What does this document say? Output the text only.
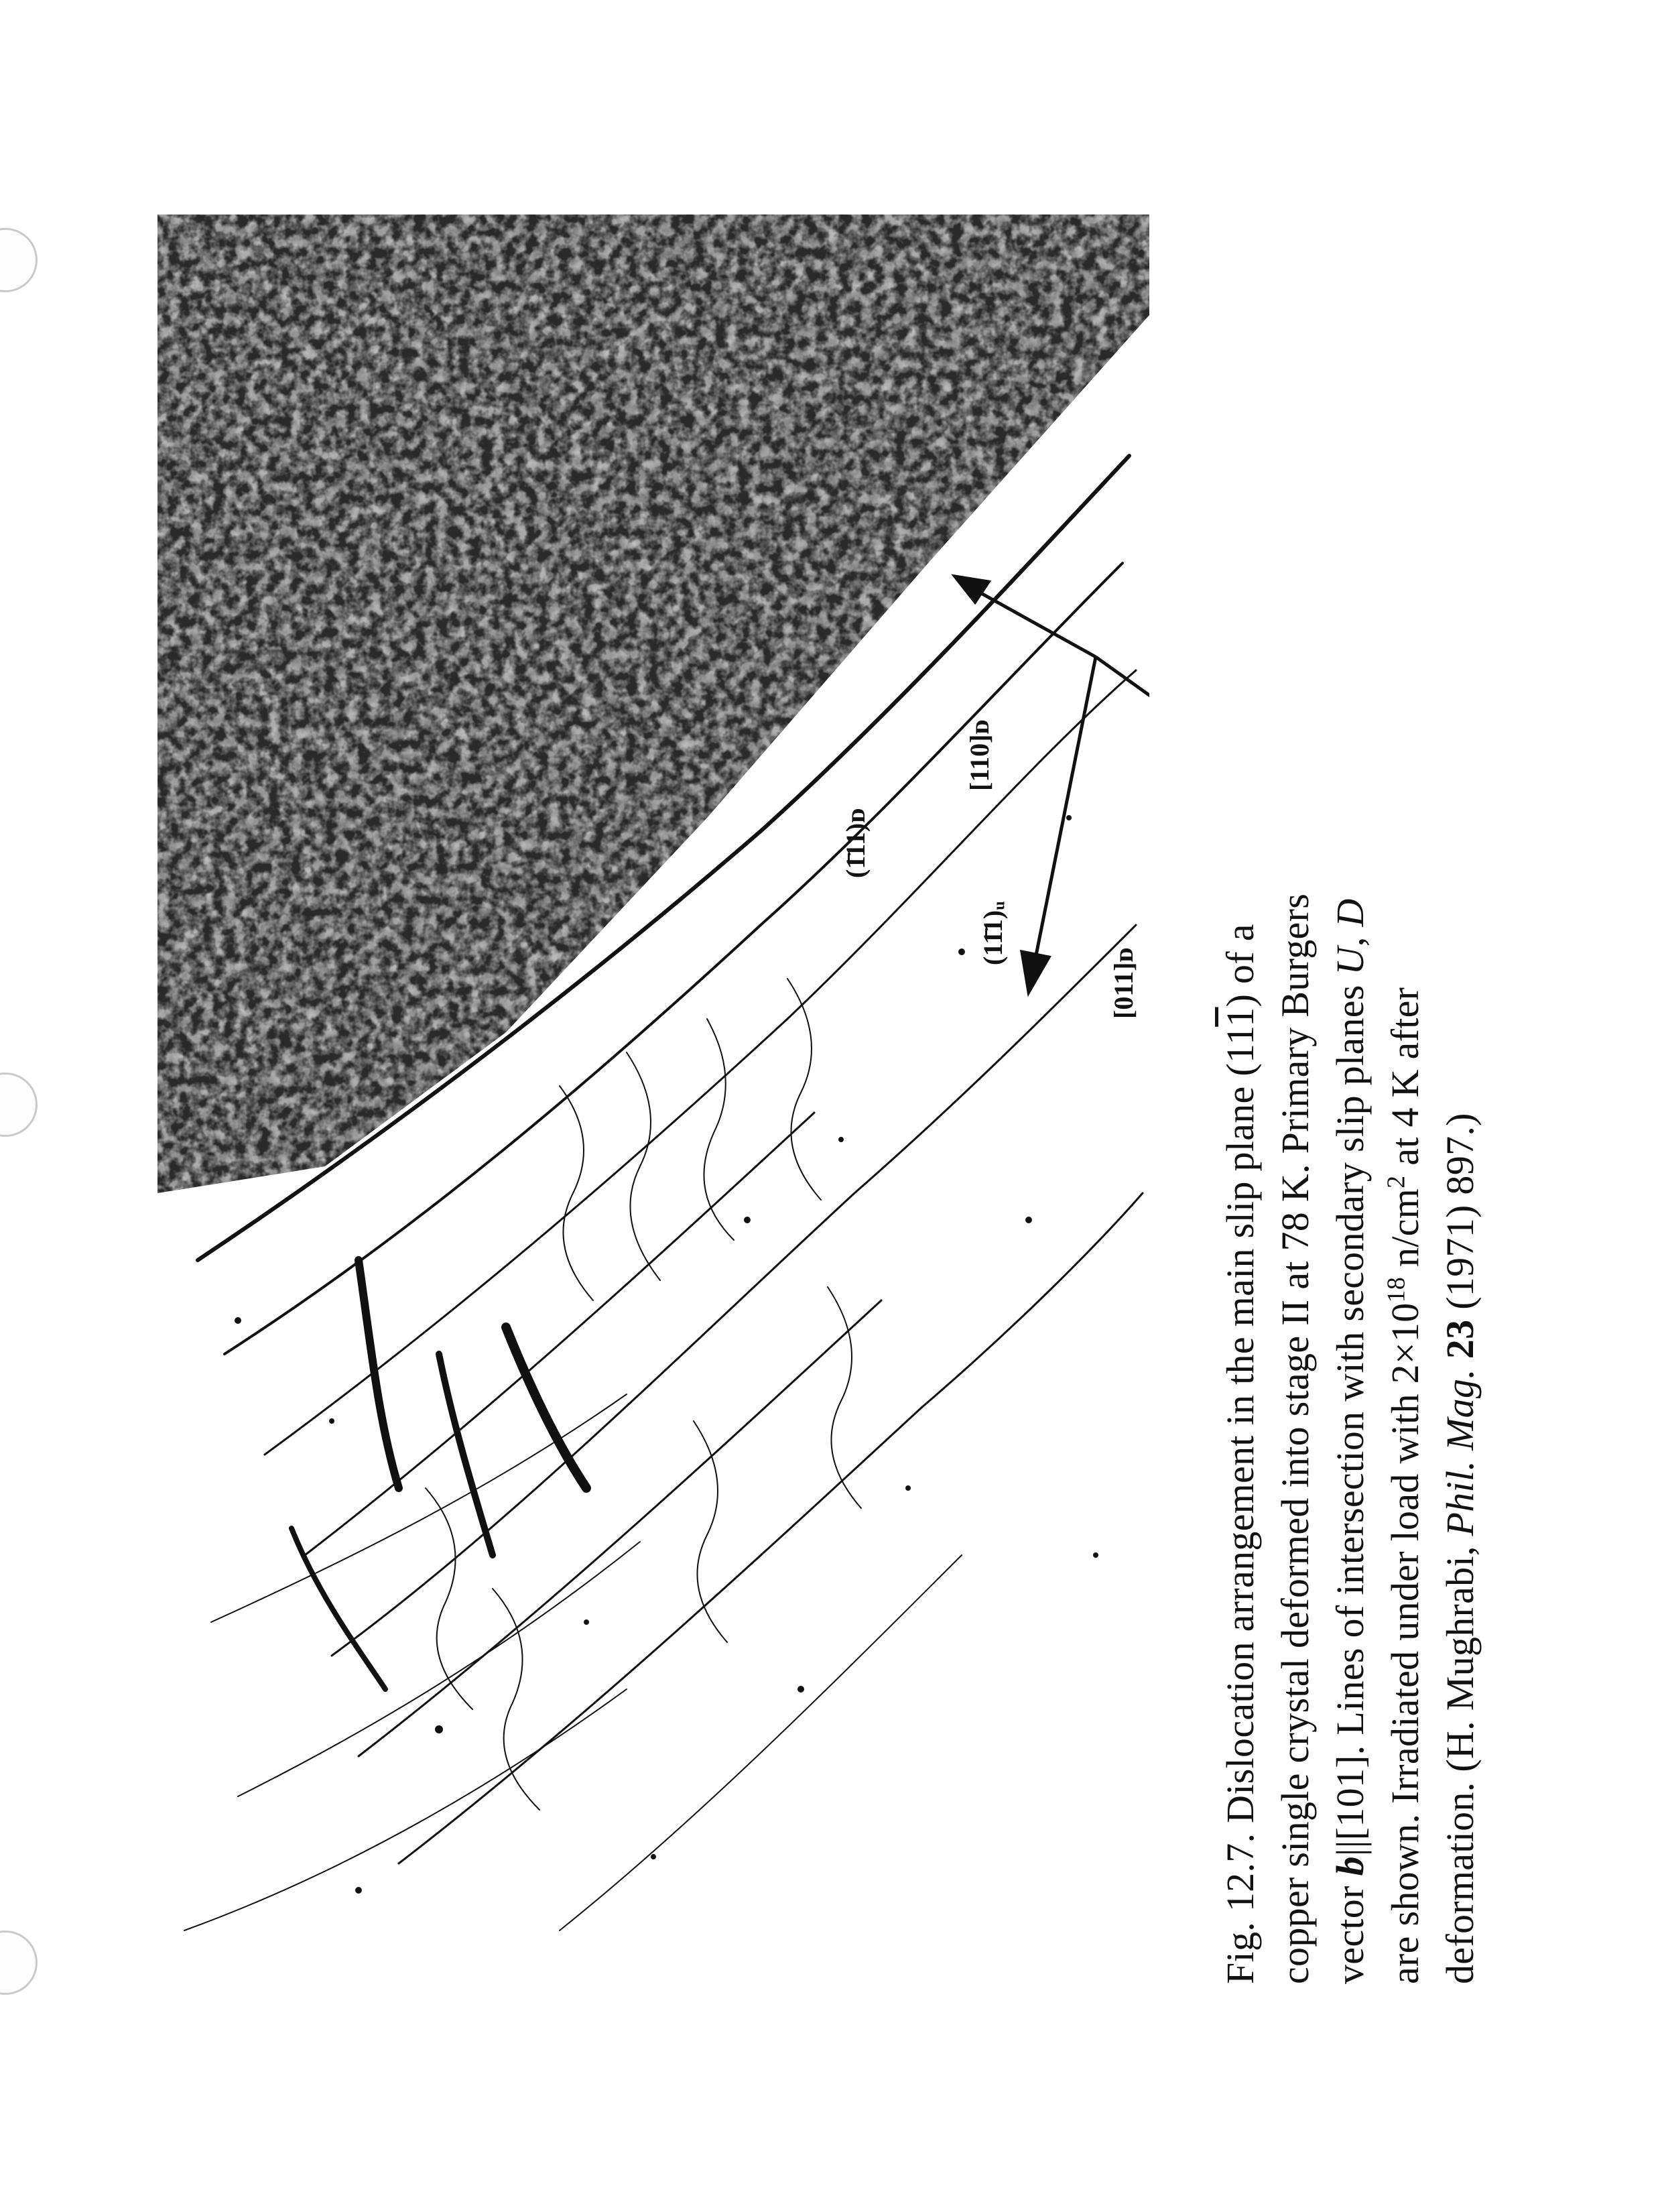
[011]ᴅ
[110]ᴅ
(11̄1)ᵤ
(1̄11)ᴅ
Fig. 12.7. Dislocation arrangement in the main slip plane (111) of a copper single crystal deformed into stage II at 78 K. Primary Burgers vector b||[101]. Lines of intersection with secondary slip planes U, D
are shown. Irradiated under load with $2\times 10^{18}$ $n/cm^2$ at 4 K after
deformation. (H. Mughrabi, Phil. Mag. 23 (1971) 897.)
